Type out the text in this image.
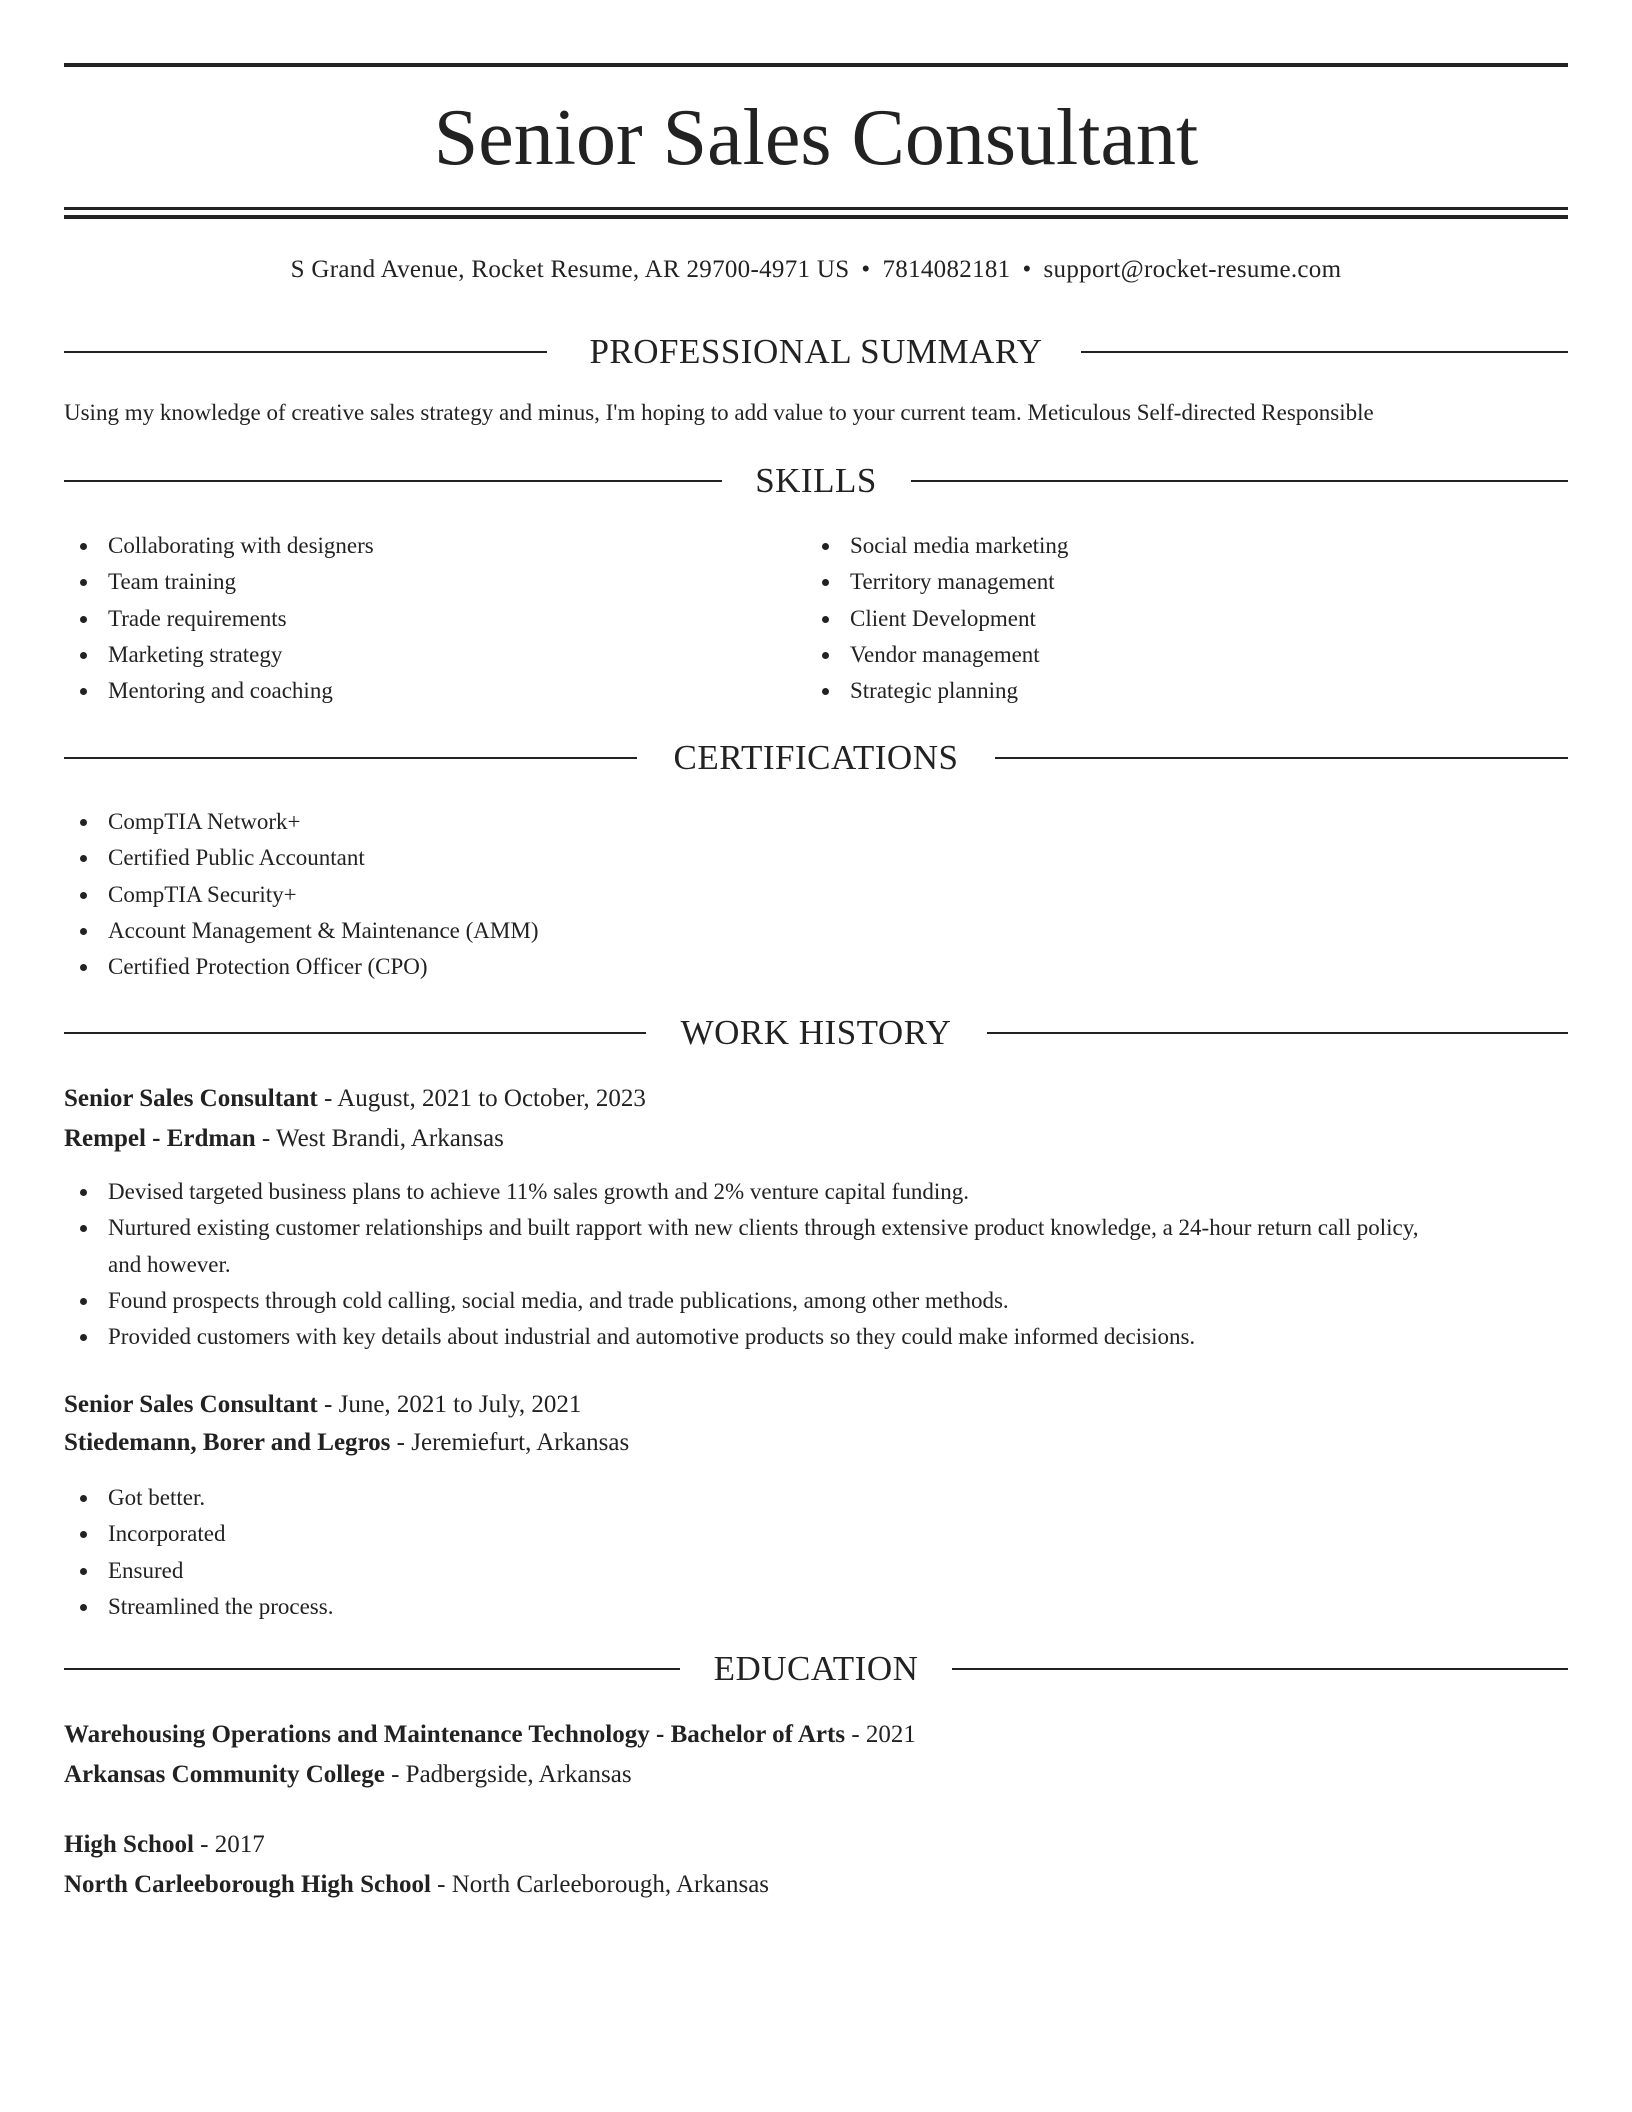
Senior Sales Consultant
S Grand Avenue, Rocket Resume, AR 29700-4971 US • 7814082181 • support@rocket-resume.com
PROFESSIONAL SUMMARY
Using my knowledge of creative sales strategy and minus, I'm hoping to add value to your current team. Meticulous Self-directed Responsible
SKILLS
Collaborating with designers
Team training
Trade requirements
Marketing strategy
Mentoring and coaching
Social media marketing
Territory management
Client Development
Vendor management
Strategic planning
CERTIFICATIONS
CompTIA Network+
Certified Public Accountant
CompTIA Security+
Account Management & Maintenance (AMM)
Certified Protection Officer (CPO)
WORK HISTORY
Senior Sales Consultant - August, 2021 to October, 2023
Rempel - Erdman - West Brandi, Arkansas
Devised targeted business plans to achieve 11% sales growth and 2% venture capital funding.
Nurtured existing customer relationships and built rapport with new clients through extensive product knowledge, a 24-hour return call policy,
and however.
Found prospects through cold calling, social media, and trade publications, among other methods.
Provided customers with key details about industrial and automotive products so they could make informed decisions.
Senior Sales Consultant - June, 2021 to July, 2021
Stiedemann, Borer and Legros - Jeremiefurt, Arkansas
Got better.
Incorporated
Ensured
Streamlined the process.
EDUCATION
Warehousing Operations and Maintenance Technology - Bachelor of Arts - 2021
Arkansas Community College - Padbergside, Arkansas
High School - 2017
North Carleeborough High School - North Carleeborough, Arkansas
